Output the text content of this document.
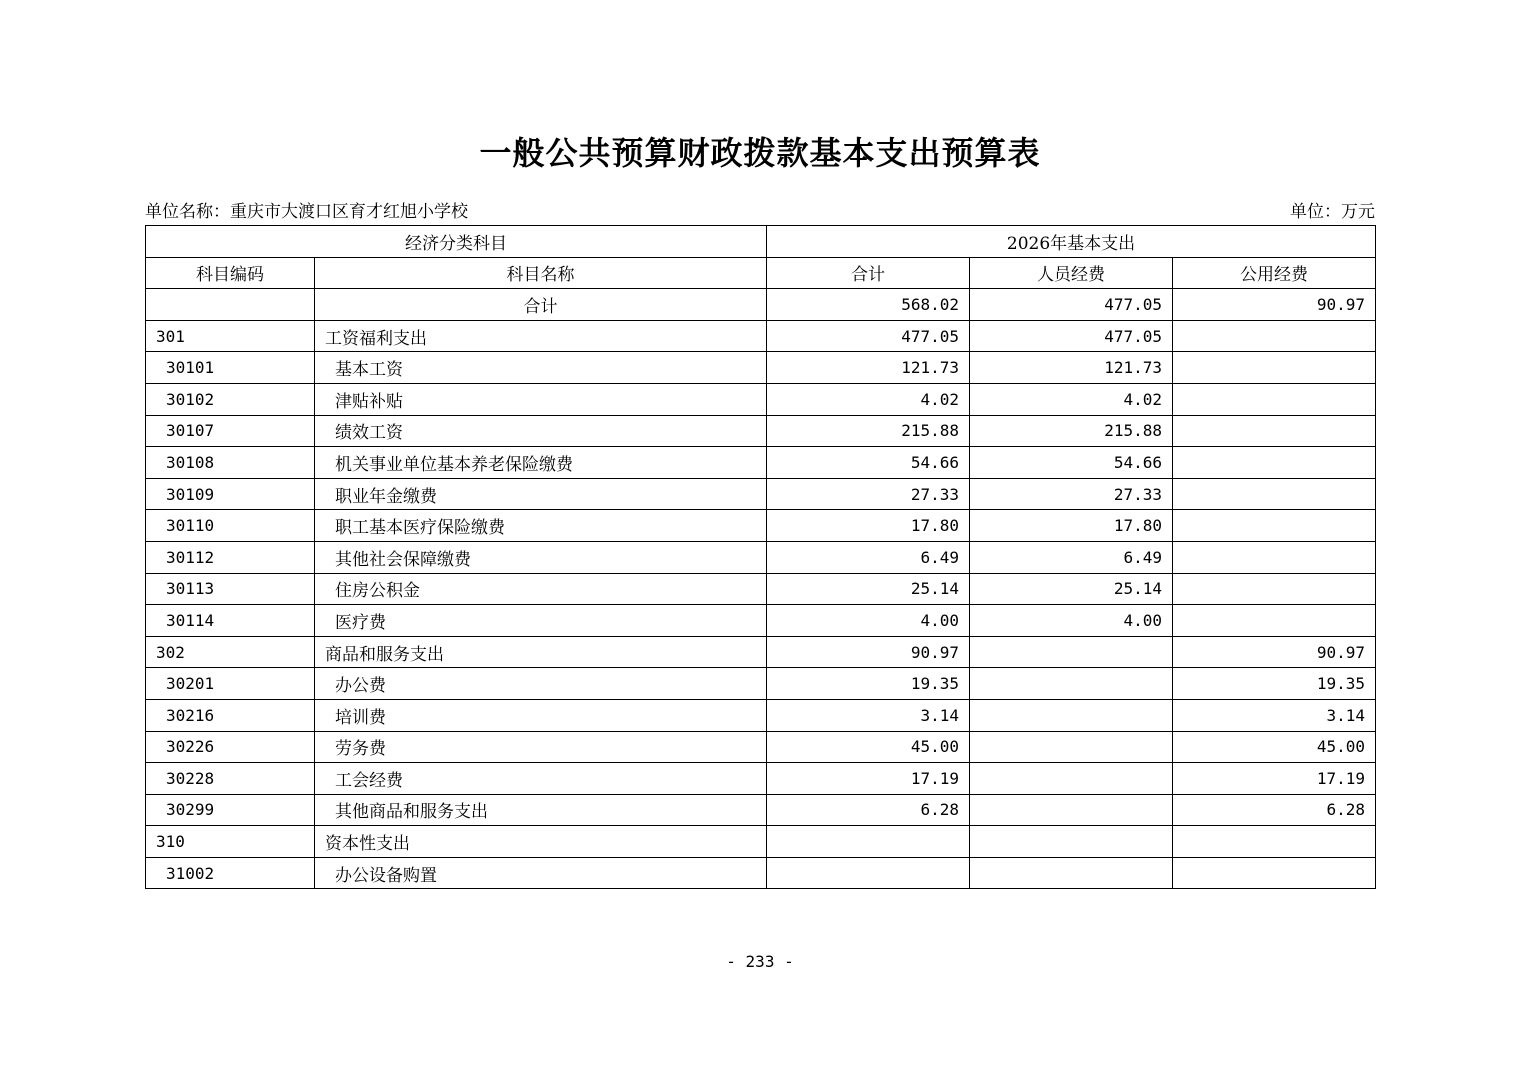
一般公共预算财政拨款基本支出预算表
单位名称：重庆市大渡口区育才红旭小学校	单位：万元
经济分类科目		2026年基本支出		
科目编码	科目名称	合计	人员经费	公用经费
	合计	568.02	477.05	90.97
301	工资福利支出	477.05	477.05	
30101	基本工资	121.73	121.73	
30102	津贴补贴	4.02	4.02	
30107	绩效工资	215.88	215.88	
30108	机关事业单位基本养老保险缴费	54.66	54.66	
30109	职业年金缴费	27.33	27.33	
30110	职工基本医疗保险缴费	17.80	17.80	
30112	其他社会保障缴费	6.49	6.49	
30113	住房公积金	25.14	25.14	
30114	医疗费	4.00	4.00	
302	商品和服务支出	90.97		90.97
30201	办公费	19.35		19.35
30216	培训费	3.14		3.14
30226	劳务费	45.00		45.00
30228	工会经费	17.19		17.19
30299	其他商品和服务支出	6.28		6.28
310	资本性支出			
31002	办公设备购置			
- 233 -
